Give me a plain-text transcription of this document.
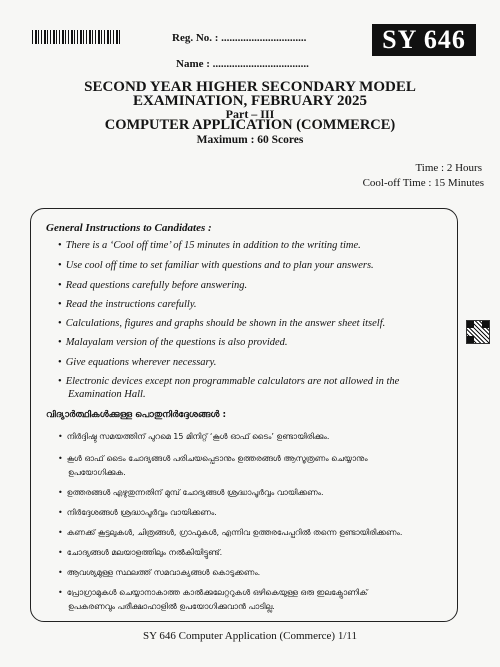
Reg. No. : ...............................
Name : ...................................
SY 646
SECOND YEAR HIGHER SECONDARY MODEL
EXAMINATION, FEBRUARY 2025
Part – III
COMPUTER APPLICATION (COMMERCE)
Maximum : 60 Scores
Time : 2 Hours
Cool-off Time : 15 Minutes
General Instructions to Candidates :
• There is a ‘Cool off time’ of 15 minutes in addition to the writing time.
• Use cool off time to set familiar with questions and to plan your answers.
• Read questions carefully before answering.
• Read the instructions carefully.
• Calculations, figures and graphs should be shown in the answer sheet itself.
• Malayalam version of the questions is also provided.
• Give equations wherever necessary.
• Electronic devices except non programmable calculators are not allowed in the
Examination Hall.
വിദ്യാർത്ഥികൾക്കുള്ള പൊതുനിർദ്ദേശങ്ങൾ :
• നിർദ്ദിഷ്ട സമയത്തിന് പുറമെ 15 മിനിറ്റ് ‘കൂൾ ഓഫ് ടൈം’ ഉണ്ടായിരിക്കും.
• കൂൾ ഓഫ് ടൈം ചോദ്യങ്ങൾ പരിചയപ്പെടാനും ഉത്തരങ്ങൾ ആസൂത്രണം ചെയ്യാനും
ഉപയോഗിക്കുക.
• ഉത്തരങ്ങൾ എഴുതുന്നതിന് മുമ്പ് ചോദ്യങ്ങൾ ശ്രദ്ധാപൂർവ്വം വായിക്കണം.
• നിർദ്ദേശങ്ങൾ ശ്രദ്ധാപൂർവ്വം വായിക്കണം.
• കണക്ക് കൂട്ടലുകൾ, ചിത്രങ്ങൾ, ഗ്രാഫുകൾ, എന്നിവ ഉത്തരപേപ്പറിൽ തന്നെ ഉണ്ടായിരിക്കണം.
• ചോദ്യങ്ങൾ മലയാളത്തിലും നൽകിയിട്ടുണ്ട്.
• ആവശ്യമുള്ള സ്ഥലത്ത് സമവാക്യങ്ങൾ കൊടുക്കണം.
• പ്രോഗ്രാമുകൾ ചെയ്യാനാകാത്ത കാൽക്കുലേറ്ററുകൾ ഒഴികെയുള്ള ഒരു ഇലക്ട്രോണിക്
ഉപകരണവും പരീക്ഷാഹാളിൽ ഉപയോഗിക്കുവാൻ പാടില്ല.
SY 646 Computer Application (Commerce) 1/11
